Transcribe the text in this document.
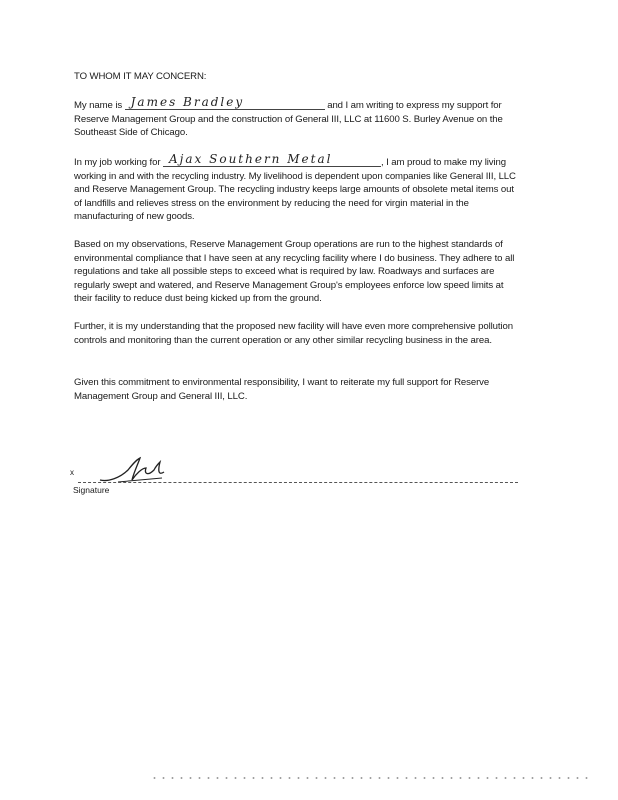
TO WHOM IT MAY CONCERN:
My name is James Bradley	and I am writing to express my support for Reserve Management Group and the construction of General III, LLC at 11600 S. Burley Avenue on the Southeast Side of Chicago.
In my job working for Ajax Southern Metal	, I am proud to make my living working in and with the recycling industry. My livelihood is dependent upon companies like General III, LLC and Reserve Management Group. The recycling industry keeps large amounts of obsolete metal items out of landfills and relieves stress on the environment by reducing the need for virgin material in the manufacturing of new goods.
Based on my observations, Reserve Management Group operations are run to the highest standards of environmental compliance that I have seen at any recycling facility where I do business. They adhere to all regulations and take all possible steps to exceed what is required by law. Roadways and surfaces are regularly swept and watered, and Reserve Management Group's employees enforce low speed limits at their facility to reduce dust being kicked up from the ground.
Further, it is my understanding that the proposed new facility will have even more comprehensive pollution controls and monitoring than the current operation or any other similar recycling business in the area.
Given this commitment to environmental responsibility, I want to reiterate my full support for Reserve Management Group and General III, LLC.
x
Signature
